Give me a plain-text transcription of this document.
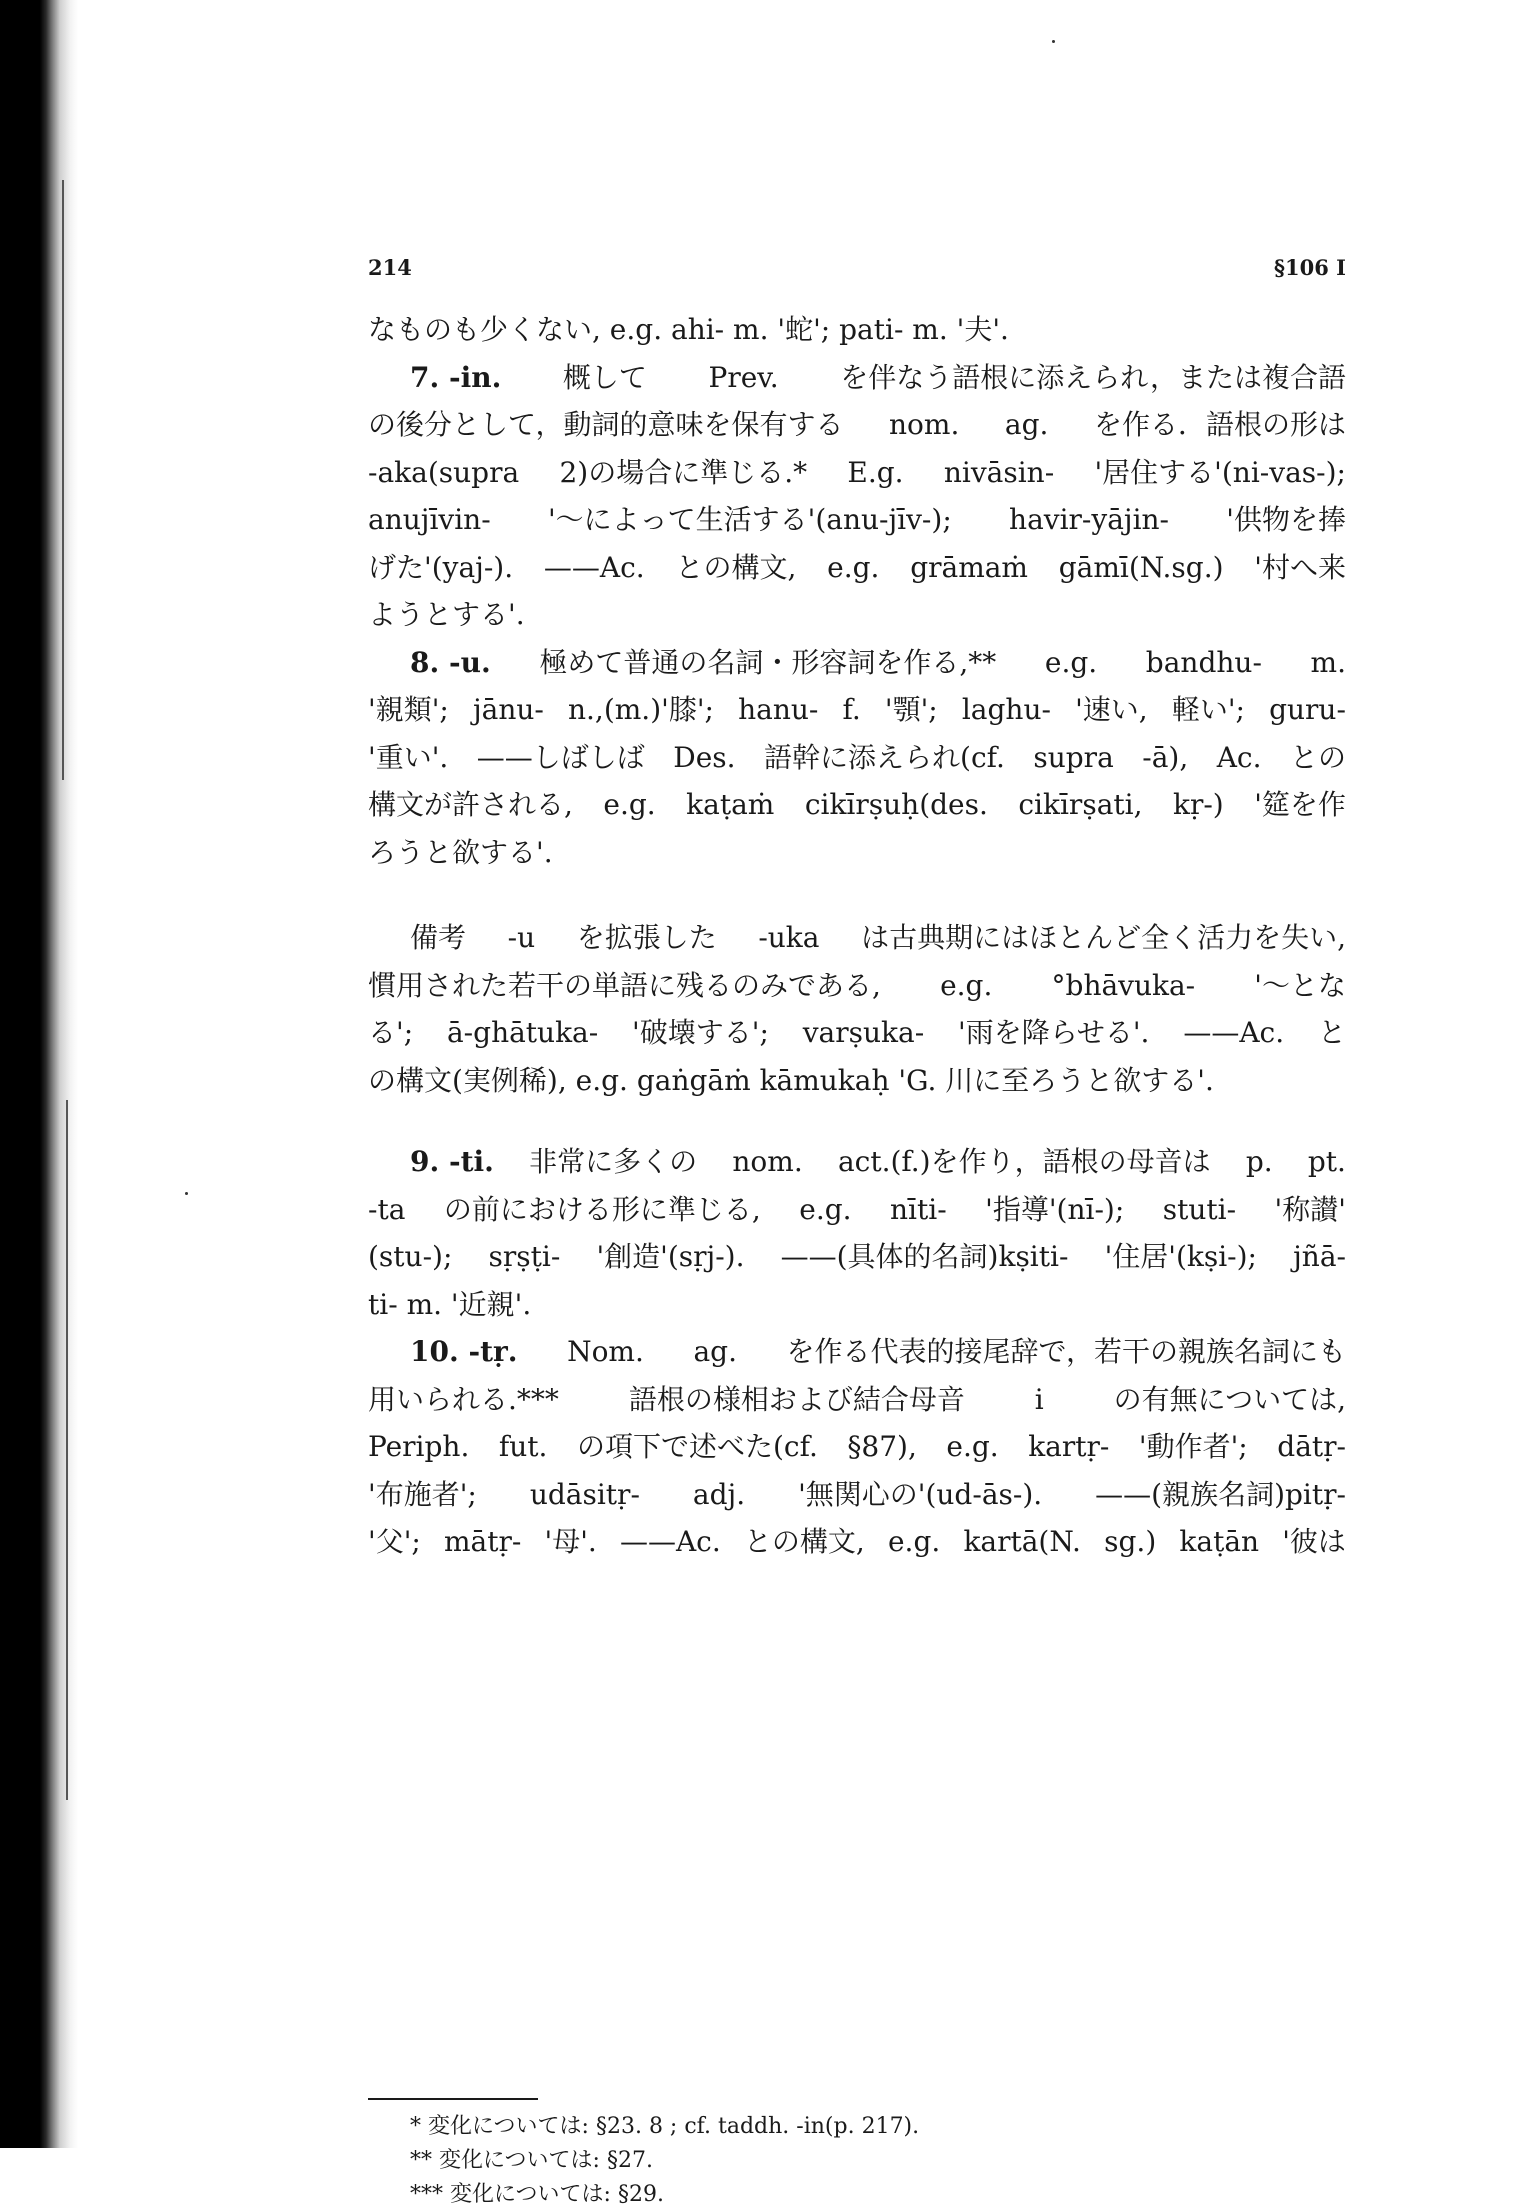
214	§106 I
なものも少くない, e.g. ahi- m. '蛇'; pati- m. '夫'.
7. -in. 概して Prev. を伴なう語根に添えられ，または複合語
の後分として，動詞的意味を保有する nom. ag. を作る．語根の形は
-aka(supra 2)の場合に準じる.* E.g. nivāsin- '居住する'(ni-vas-);
anujīvin- '〜によって生活する'(anu-jīv-); havir-yājin- '供物を捧
げた'(yaj-). ——Ac. との構文, e.g. grāmaṁ gāmī(N.sg.) '村へ来
ようとする'.
8. -u. 極めて普通の名詞・形容詞を作る,** e.g. bandhu- m.
'親類'; jānu- n.,(m.)'膝'; hanu- f. '顎'; laghu- '速い, 軽い'; guru-
'重い'. ——しばしば Des. 語幹に添えられ(cf. supra -ā), Ac. との
構文が許される, e.g. kaṭaṁ cikīrṣuḥ(des. cikīrṣati, kṛ-) '筵を作
ろうと欲する'.
備考 -u を拡張した -uka は古典期にはほとんど全く活力を失い,
慣用された若干の単語に残るのみである, e.g. °bhāvuka- '〜とな
る'; ā-ghātuka- '破壊する'; varṣuka- '雨を降らせる'. ——Ac. と
の構文(実例稀), e.g. gaṅgāṁ kāmukaḥ 'G. 川に至ろうと欲する'.
9. -ti. 非常に多くの nom. act.(f.)を作り，語根の母音は p. pt.
-ta の前における形に準じる, e.g. nīti- '指導'(nī-); stuti- '称讃'
(stu-); sṛṣṭi- '創造'(sṛj-). ——(具体的名詞)kṣiti- '住居'(kṣi-); jñā-
ti- m. '近親'.
10. -tṛ. Nom. ag. を作る代表的接尾辞で，若干の親族名詞にも
用いられる.*** 語根の様相および結合母音 i の有無については,
Periph. fut. の項下で述べた(cf. §87), e.g. kartṛ- '動作者'; dātṛ-
'布施者'; udāsitṛ- adj. '無関心の'(ud-ās-). ——(親族名詞)pitṛ-
'父'; mātṛ- '母'. ——Ac. との構文, e.g. kartā(N. sg.) kaṭān '彼は
* 変化については: §23. 8 ; cf. taddh. -in(p. 217).
** 変化については: §27.
*** 変化については: §29.
